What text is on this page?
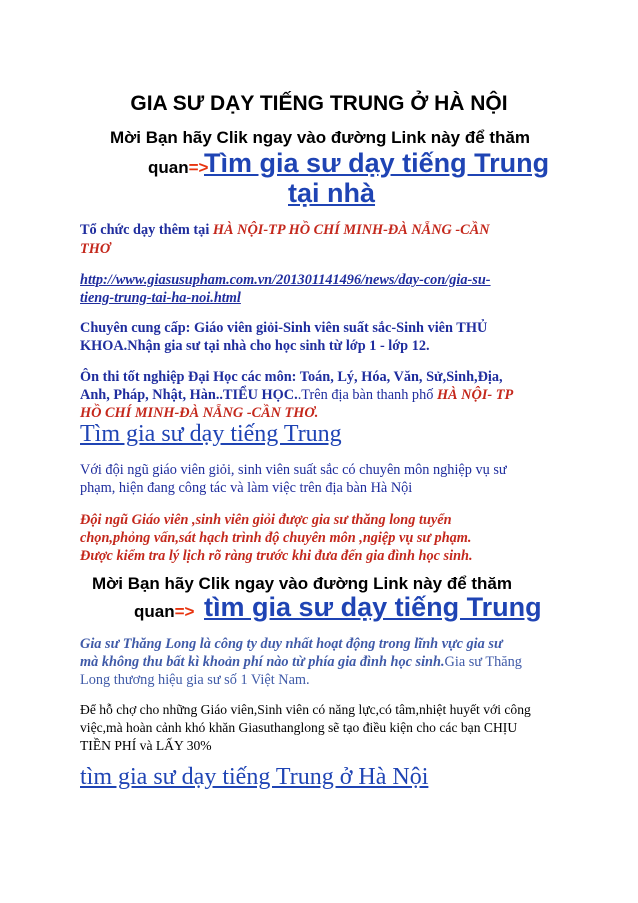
GIA SƯ DẠY TIẾNG TRUNG Ở HÀ NỘI
Mời Bạn hãy Clik ngay vào đường Link này để thăm
quan=>
Tìm gia sư dạy tiếng Trung
tại nhà
Tổ chức dạy thêm tại HÀ NỘI-TP HỒ CHÍ MINH-ĐÀ NẴNG -CẦN
THƠ
http://www.giasusupham.com.vn/201301141496/news/day-con/gia-su-
tieng-trung-tai-ha-noi.html
Chuyên cung cấp: Giáo viên giỏi-Sinh viên suất sắc-Sinh viên THỦ
KHOA.Nhận gia sư tại nhà cho học sinh từ lớp 1 - lớp 12.
Ôn thi tốt nghiệp Đại Học các môn: Toán, Lý, Hóa, Văn, Sử,Sinh,Địa,
Anh, Pháp, Nhật, Hàn..TIỂU HỌC..Trên địa bàn thanh phố HÀ NỘI- TP
HỒ CHÍ MINH-ĐÀ NẴNG -CẦN THƠ.
Tìm gia sư dạy tiếng Trung
Với đội ngũ giáo viên giỏi, sinh viên suất sắc có chuyên môn nghiệp vụ sư
phạm, hiện đang công tác và làm việc trên địa bàn Hà Nội
Đội ngũ Giáo viên ,sinh viên giỏi được gia sư thăng long tuyển
chọn,phỏng vấn,sát hạch trình độ chuyên môn ,ngiệp vụ sư phạm.
Được kiểm tra lý lịch rõ ràng trước khi đưa đến gia đình học sinh.
Mời Bạn hãy Clik ngay vào đường Link này để thăm
quan=> tìm gia sư dạy tiếng Trung
Gia sư Thăng Long là công ty duy nhất hoạt động trong lĩnh vực gia sư
mà không thu bất kì khoản phí nào từ phía gia đình học sinh.Gia sư Thăng
Long thương hiệu gia sư số 1 Việt Nam.
Để hỗ chợ cho những Giáo viên,Sinh viên có năng lực,có tâm,nhiệt huyết với công
việc,mà hoàn cảnh khó khăn Giasuthanglong sẽ tạo điều kiện cho các bạn CHỊU
TIỀN PHÍ và LẤY 30%
tìm gia sư dạy tiếng Trung ở Hà Nội
